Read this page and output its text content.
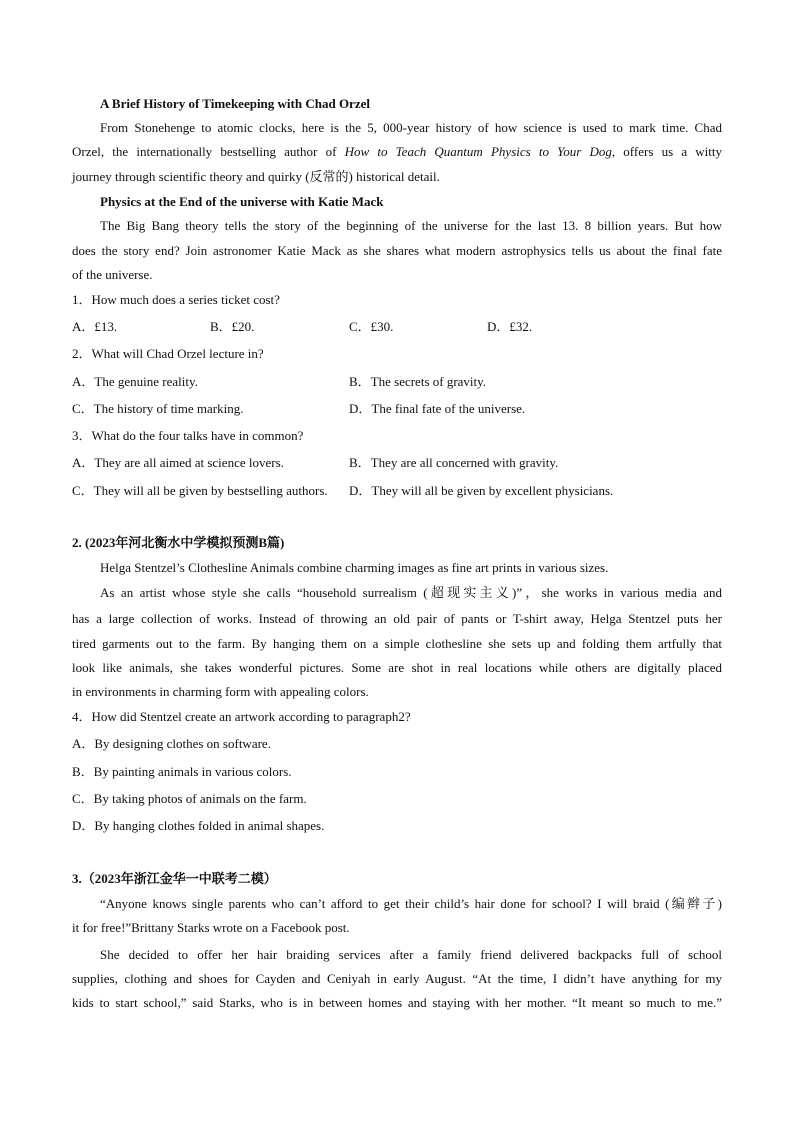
A Brief History of Timekeeping with Chad Orzel
From Stonehenge to atomic clocks, here is the 5, 000-year history of how science is used to mark time. Chad
Orzel, the internationally bestselling author of How to Teach Quantum Physics to Your Dog, offers us a witty
journey through scientific theory and quirky (反常的) historical detail.
Physics at the End of the universe with Katie Mack
The Big Bang theory tells the story of the beginning of the universe for the last 13. 8 billion years. But how
does the story end? Join astronomer Katie Mack as she shares what modern astrophysics tells us about the final fate
of the universe.
1．How much does a series ticket cost?
A．£13.	B．£20.	C．£30.	D．£32.
2．What will Chad Orzel lecture in?
A．The genuine reality.	B．The secrets of gravity.
C．The history of time marking.	D．The final fate of the universe.
3．What do the four talks have in common?
A．They are all aimed at science lovers.	B．They are all concerned with gravity.
C．They will all be given by bestselling authors. D．They will all be given by excellent physicians.
2. (2023年河北衡水中学模拟预测B篇)
Helga Stentzel’s Clothesline Animals combine charming images as fine art prints in various sizes.
As an artist whose style she calls “household surrealism (超现实主义)”，she works in various media and
has a large collection of works. Instead of throwing an old pair of pants or T-shirt away, Helga Stentzel puts her
tired garments out to the farm. By hanging them on a simple clothesline she sets up and folding them artfully that
look like animals, she takes wonderful pictures. Some are shot in real locations while others are digitally placed
in environments in charming form with appealing colors.
4．How did Stentzel create an artwork according to paragraph2?
A．By designing clothes on software.
B．By painting animals in various colors.
C．By taking photos of animals on the farm.
D．By hanging clothes folded in animal shapes.
3.（2023年浙江金华一中联考二模）
“Anyone knows single parents who can’t afford to get their child’s hair done for school? I will braid (编辫子)
it for free!”Brittany Starks wrote on a Facebook post.
She decided to offer her hair braiding services after a family friend delivered backpacks full of school
supplies, clothing and shoes for Cayden and Ceniyah in early August. “At the time, I didn’t have anything for my
kids to start school,” said Starks, who is in between homes and staying with her mother. “It meant so much to me.”
